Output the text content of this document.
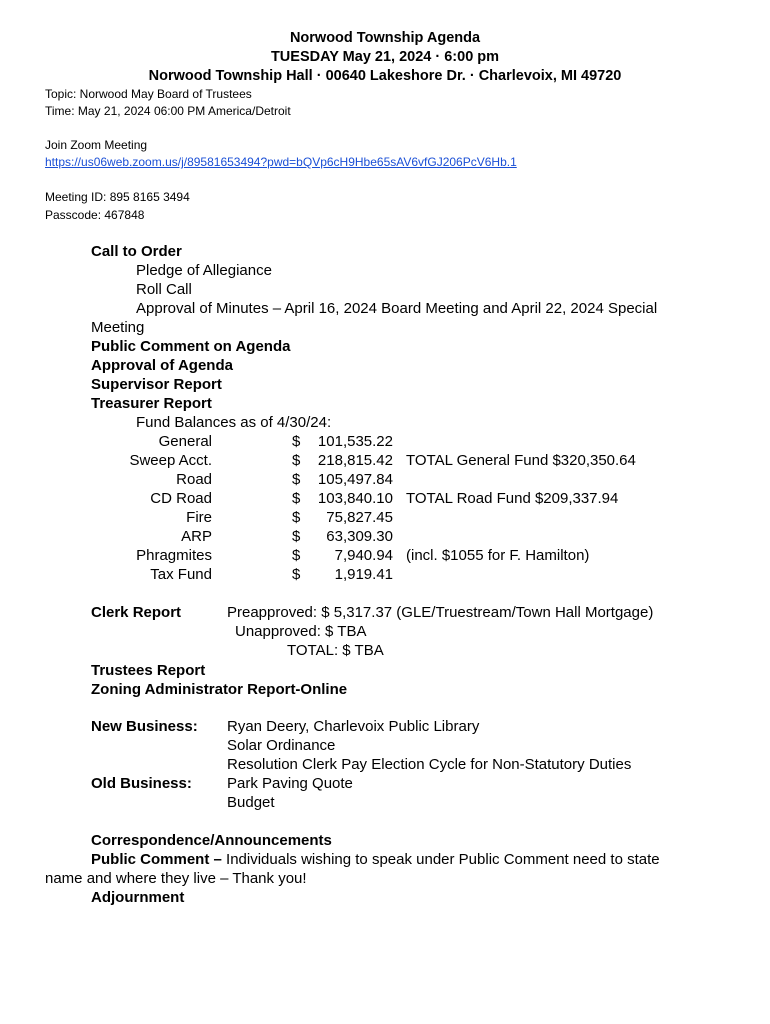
Norwood Township Agenda
TUESDAY May 21, 2024 · 6:00 pm
Norwood Township Hall · 00640 Lakeshore Dr. · Charlevoix, MI 49720
Topic: Norwood May Board of Trustees
Time: May 21, 2024 06:00 PM America/Detroit
Join Zoom Meeting
https://us06web.zoom.us/j/89581653494?pwd=bQVp6cH9Hbe65sAV6vfGJ206PcV6Hb.1
Meeting ID: 895 8165 3494
Passcode: 467848
Call to Order
Pledge of Allegiance
Roll Call
Approval of Minutes – April 16, 2024 Board Meeting and April 22, 2024 Special
Meeting
Public Comment on Agenda
Approval of Agenda
Supervisor Report
Treasurer Report
Fund Balances as of 4/30/24:
General	$	101,535.22
Sweep Acct.	$	218,815.42 TOTAL General Fund $320,350.64
Road	$	105,497.84
CD Road	$	103,840.10 TOTAL Road Fund $209,337.94
Fire	$	75,827.45
ARP	$	63,309.30
Phragmites	$	7,940.94 (incl. $1055 for F. Hamilton)
Tax Fund	$	1,919.41
Clerk Report	Preapproved: $ 5,317.37 (GLE/Truestream/Town Hall Mortgage)
Unapproved: $ TBA
TOTAL: $ TBA
Trustees Report
Zoning Administrator Report-Online
New Business: Ryan Deery, Charlevoix Public Library
Solar Ordinance
Resolution Clerk Pay Election Cycle for Non-Statutory Duties
Old Business: Park Paving Quote
Budget
Correspondence/Announcements
Public Comment – Individuals wishing to speak under Public Comment need to state
name and where they live – Thank you!
Adjournment
